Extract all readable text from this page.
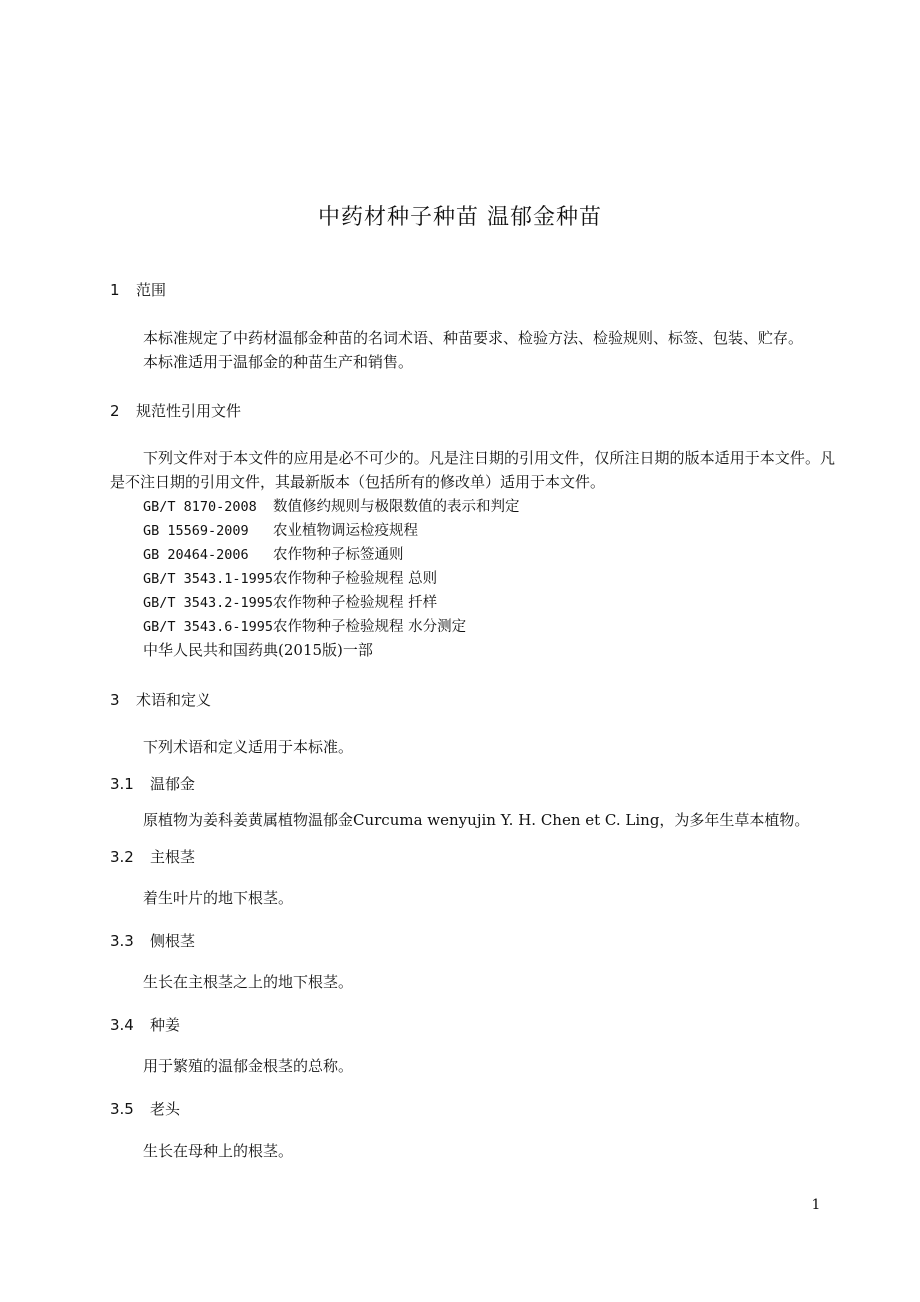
中药材种子种苗 温郁金种苗
1 范围
本标准规定了中药材温郁金种苗的名词术语、种苗要求、检验方法、检验规则、标签、包装、贮存。
本标准适用于温郁金的种苗生产和销售。
2 规范性引用文件
下列文件对于本文件的应用是必不可少的。凡是注日期的引用文件，仅所注日期的版本适用于本文件。凡是不注日期的引用文件，其最新版本（包括所有的修改单）适用于本文件。
GB/T 8170-2008 数值修约规则与极限数值的表示和判定
GB 15569-2009 农业植物调运检疫规程
GB 20464-2006 农作物种子标签通则
GB/T 3543.1-1995农作物种子检验规程 总则
GB/T 3543.2-1995农作物种子检验规程 扦样
GB/T 3543.6-1995农作物种子检验规程 水分测定
中华人民共和国药典(2015版)一部
3 术语和定义
下列术语和定义适用于本标准。
3.1 温郁金
原植物为姜科姜黄属植物温郁金Curcuma wenyujin Y. H. Chen et C. Ling，为多年生草本植物。
3.2 主根茎
着生叶片的地下根茎。
3.3 侧根茎
生长在主根茎之上的地下根茎。
3.4 种姜
用于繁殖的温郁金根茎的总称。
3.5 老头
生长在母种上的根茎。
1
